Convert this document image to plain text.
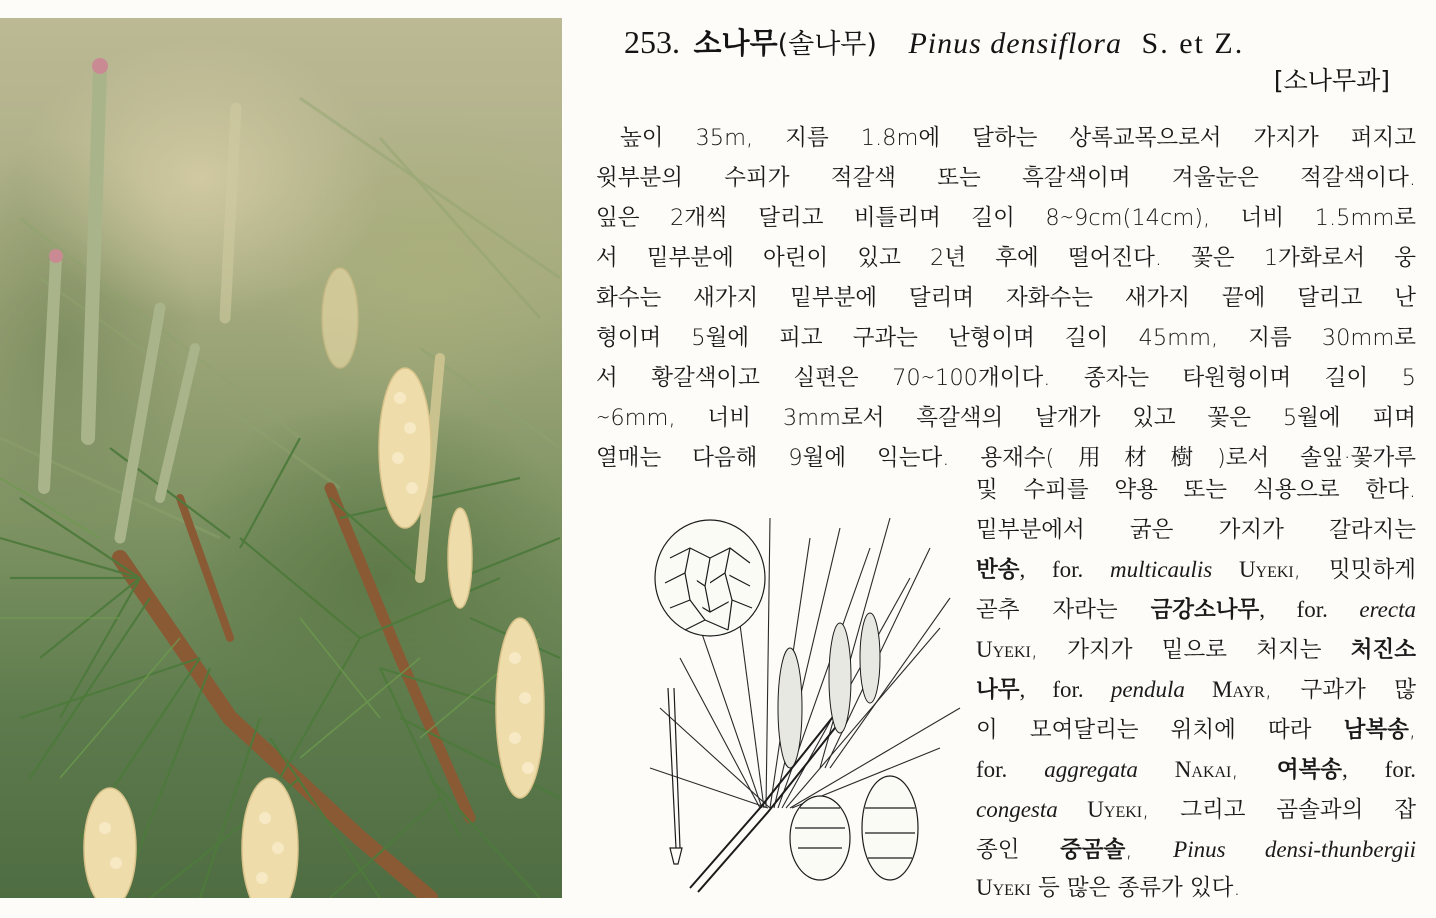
253. 소나무(솔나무) Pinus densiflora S. et Z.
[소나무과]
높이 35m, 지름 1.8m에 달하는 상록교목으로서 가지가 퍼지고
윗부분의 수피가 적갈색 또는 흑갈색이며 겨울눈은 적갈색이다.
잎은 2개씩 달리고 비틀리며 길이 8∼9cm(14cm), 너비 1.5mm로
서 밑부분에 아린이 있고 2년 후에 떨어진다. 꽃은 1가화로서 웅
화수는 새가지 밑부분에 달리며 자화수는 새가지 끝에 달리고 난
형이며 5월에 피고 구과는 난형이며 길이 45mm, 지름 30mm로
서 황갈색이고 실편은 70∼100개이다. 종자는 타원형이며 길이 5
∼6mm, 너비 3mm로서 흑갈색의 날개가 있고 꽃은 5월에 피며
열매는 다음해 9월에 익는다. 용재수(用材樹)로서 솔잎·꽃가루
및 수피를 약용 또는 식용으로 한다.
밑부분에서 굵은 가지가 갈라지는
반송, for. multicaulis Uyeki, 밋밋하게
곧추 자라는 금강소나무, for. erecta
Uyeki, 가지가 밑으로 처지는 처진소
나무, for. pendula Mayr, 구과가 많
이 모여달리는 위치에 따라 남복송,
for. aggregata Nakai, 여복송, for.
congesta Uyeki, 그리고 곰솔과의 잡
종인 중곰솔, Pinus densi-thunbergii
Uyeki 등 많은 종류가 있다.
